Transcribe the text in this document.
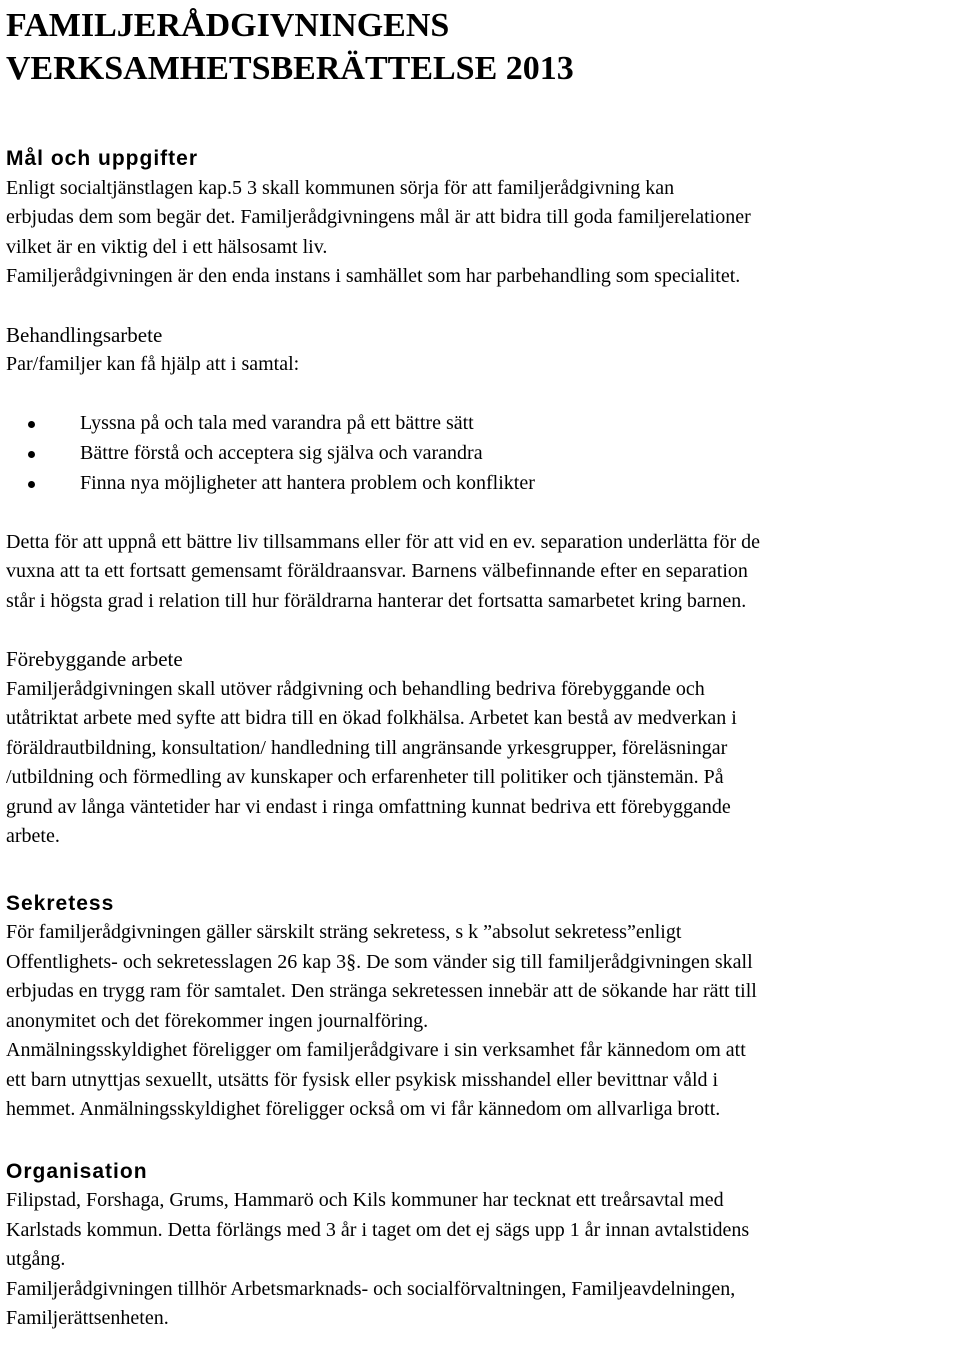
FAMILJERÅDGIVNINGENS
VERKSAMHETSBERÄTTELSE 2013
Mål och uppgifter

Enligt socialtjänstlagen kap.5 3 skall kommunen sörja för att familjerådgivning kan

erbjudas dem som begär det. Familjerådgivningens mål är att bidra till goda familjerelationer

vilket är en viktig del i ett hälsosamt liv.

Familjerådgivningen är den enda instans i samhället som har parbehandling som specialitet.

Behandlingsarbete

Par/familjer kan få hjälp att i samtal:

Lyssna på och tala med varandra på ett bättre sätt
Bättre förstå och acceptera sig själva och varandra
Finna nya möjligheter att hantera problem och konflikter

Detta för att uppnå ett bättre liv tillsammans eller för att vid en ev. separation underlätta för de

vuxna att ta ett fortsatt gemensamt föräldraansvar. Barnens välbefinnande efter en separation

står i högsta grad i relation till hur föräldrarna hanterar det fortsatta samarbetet kring barnen.

Förebyggande arbete

Familjerådgivningen skall utöver rådgivning och behandling bedriva förebyggande och

utåtriktat arbete med syfte att bidra till en ökad folkhälsa. Arbetet kan bestå av medverkan i

föräldrautbildning, konsultation/ handledning till angränsande yrkesgrupper, föreläsningar

/utbildning och förmedling av kunskaper och erfarenheter till politiker och tjänstemän. På

grund av långa väntetider har vi endast i ringa omfattning kunnat bedriva ett förebyggande

arbete.

Sekretess

För familjerådgivningen gäller särskilt sträng sekretess, s k ”absolut sekretess”enligt

Offentlighets- och sekretesslagen 26 kap 3§. De som vänder sig till familjerådgivningen skall

erbjudas en trygg ram för samtalet. Den stränga sekretessen innebär att de sökande har rätt till

anonymitet och det förekommer ingen journalföring.

Anmälningsskyldighet föreligger om familjerådgivare i sin verksamhet får kännedom om att

ett barn utnyttjas sexuellt, utsätts för fysisk eller psykisk misshandel eller bevittnar våld i

hemmet. Anmälningsskyldighet föreligger också om vi får kännedom om allvarliga brott.

Organisation

Filipstad, Forshaga, Grums, Hammarö och Kils kommuner har tecknat ett treårsavtal med

Karlstads kommun. Detta förlängs med 3 år i taget om det ej sägs upp 1 år innan avtalstidens

utgång.

Familjerådgivningen tillhör Arbetsmarknads- och socialförvaltningen, Familjeavdelningen,

Familjerättsenheten.
